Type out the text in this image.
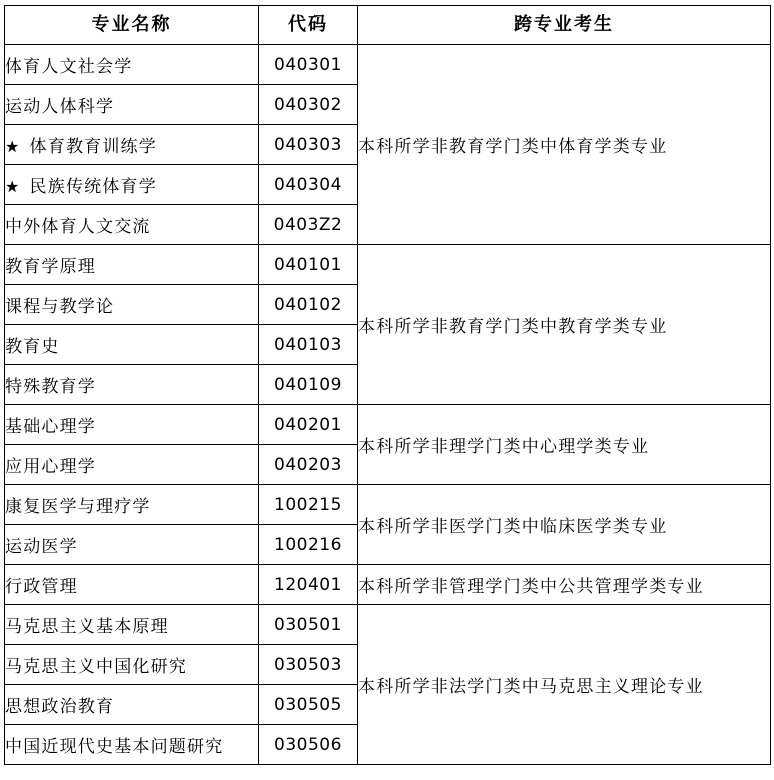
专业名称	代码	跨专业考生
体育人文社会学	040301	本科所学非教育学门类中体育学类专业
运动人体科学	040302	
★ 体育教育训练学	040303	
★ 民族传统体育学	040304	
中外体育人文交流	0403Z2	
教育学原理	040101	本科所学非教育学门类中教育学类专业
课程与教学论	040102	
教育史	040103	
特殊教育学	040109	
基础心理学	040201	本科所学非理学门类中心理学类专业
应用心理学	040203	
康复医学与理疗学	100215	本科所学非医学门类中临床医学类专业
运动医学	100216	
行政管理	120401	本科所学非管理学门类中公共管理学类专业
马克思主义基本原理	030501	本科所学非法学门类中马克思主义理论专业
马克思主义中国化研究	030503	
思想政治教育	030505	
中国近现代史基本问题研究	030506	
